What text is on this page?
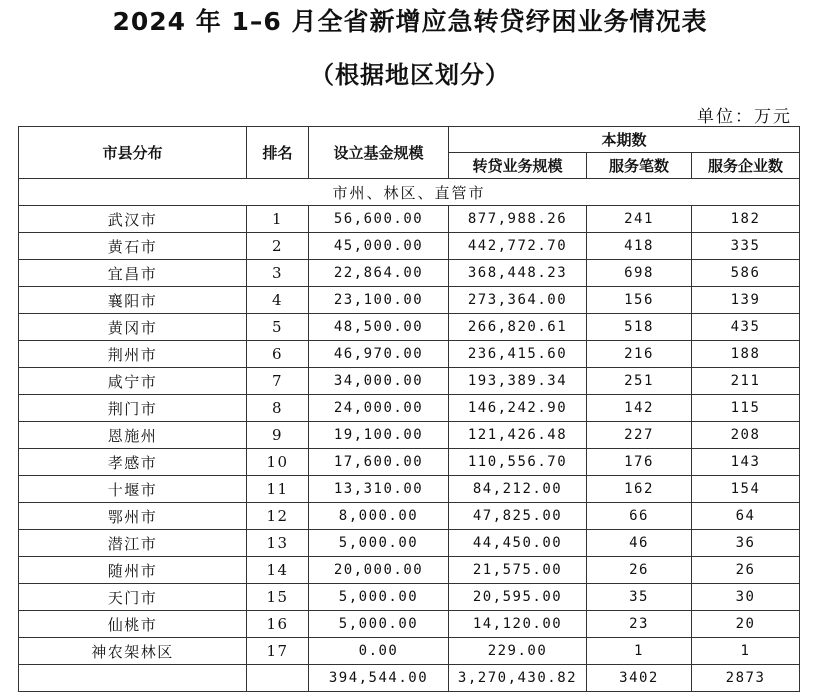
2024 年 1–6 月全省新增应急转贷纾困业务情况表
（根据地区划分）
单位：万元
市县分布	排名	设立基金规模	本期数		
			转贷业务规模	服务笔数	服务企业数
市州、林区、直管市					
武汉市	1	56,600.00	877,988.26	241	182
黄石市	2	45,000.00	442,772.70	418	335
宜昌市	3	22,864.00	368,448.23	698	586
襄阳市	4	23,100.00	273,364.00	156	139
黄冈市	5	48,500.00	266,820.61	518	435
荆州市	6	46,970.00	236,415.60	216	188
咸宁市	7	34,000.00	193,389.34	251	211
荆门市	8	24,000.00	146,242.90	142	115
恩施州	9	19,100.00	121,426.48	227	208
孝感市	10	17,600.00	110,556.70	176	143
十堰市	11	13,310.00	84,212.00	162	154
鄂州市	12	8,000.00	47,825.00	66	64
潜江市	13	5,000.00	44,450.00	46	36
随州市	14	20,000.00	21,575.00	26	26
天门市	15	5,000.00	20,595.00	35	30
仙桃市	16	5,000.00	14,120.00	23	20
神农架林区	17	0.00	229.00	1	1
		394,544.00	3,270,430.82	3402	2873
